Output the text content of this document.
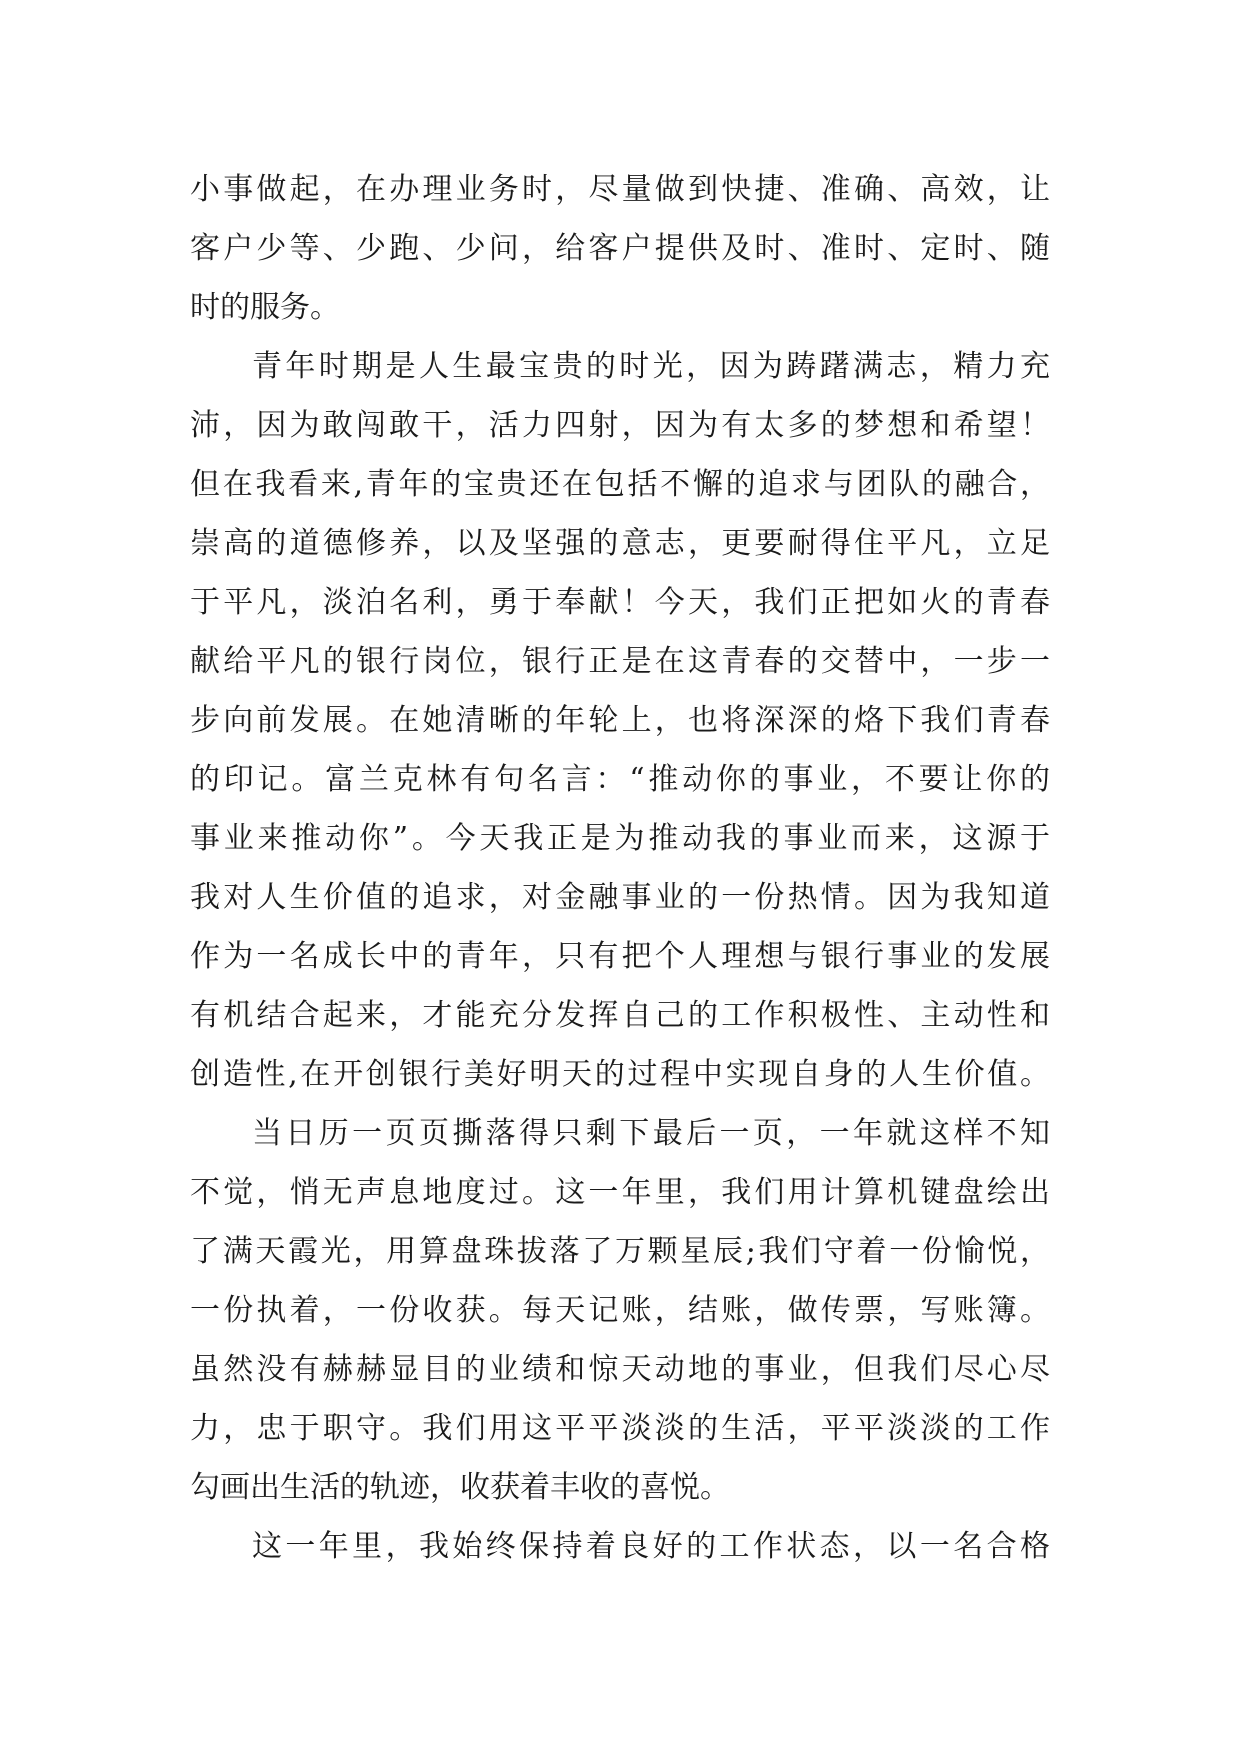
小事做起，在办理业务时，尽量做到快捷、准确、高效，让
客户少等、少跑、少问，给客户提供及时、准时、定时、随
时的服务。
青年时期是人生最宝贵的时光，因为踌躇满志，精力充
沛，因为敢闯敢干，活力四射，因为有太多的梦想和希望！
但在我看来,青年的宝贵还在包括不懈的追求与团队的融合，
崇高的道德修养，以及坚强的意志，更要耐得住平凡，立足
于平凡，淡泊名利，勇于奉献！今天，我们正把如火的青春
献给平凡的银行岗位，银行正是在这青春的交替中，一步一
步向前发展。在她清晰的年轮上，也将深深的烙下我们青春
的印记。富兰克林有句名言：“推动你的事业，不要让你的
事业来推动你”。今天我正是为推动我的事业而来，这源于
我对人生价值的追求，对金融事业的一份热情。因为我知道
作为一名成长中的青年，只有把个人理想与银行事业的发展
有机结合起来，才能充分发挥自己的工作积极性、主动性和
创造性,在开创银行美好明天的过程中实现自身的人生价值。
当日历一页页撕落得只剩下最后一页，一年就这样不知
不觉，悄无声息地度过。这一年里，我们用计算机键盘绘出
了满天霞光，用算盘珠拔落了万颗星辰;我们守着一份愉悦，
一份执着，一份收获。每天记账，结账，做传票，写账簿。
虽然没有赫赫显目的业绩和惊天动地的事业，但我们尽心尽
力，忠于职守。我们用这平平淡淡的生活，平平淡淡的工作
勾画出生活的轨迹，收获着丰收的喜悦。
这一年里，我始终保持着良好的工作状态，以一名合格
